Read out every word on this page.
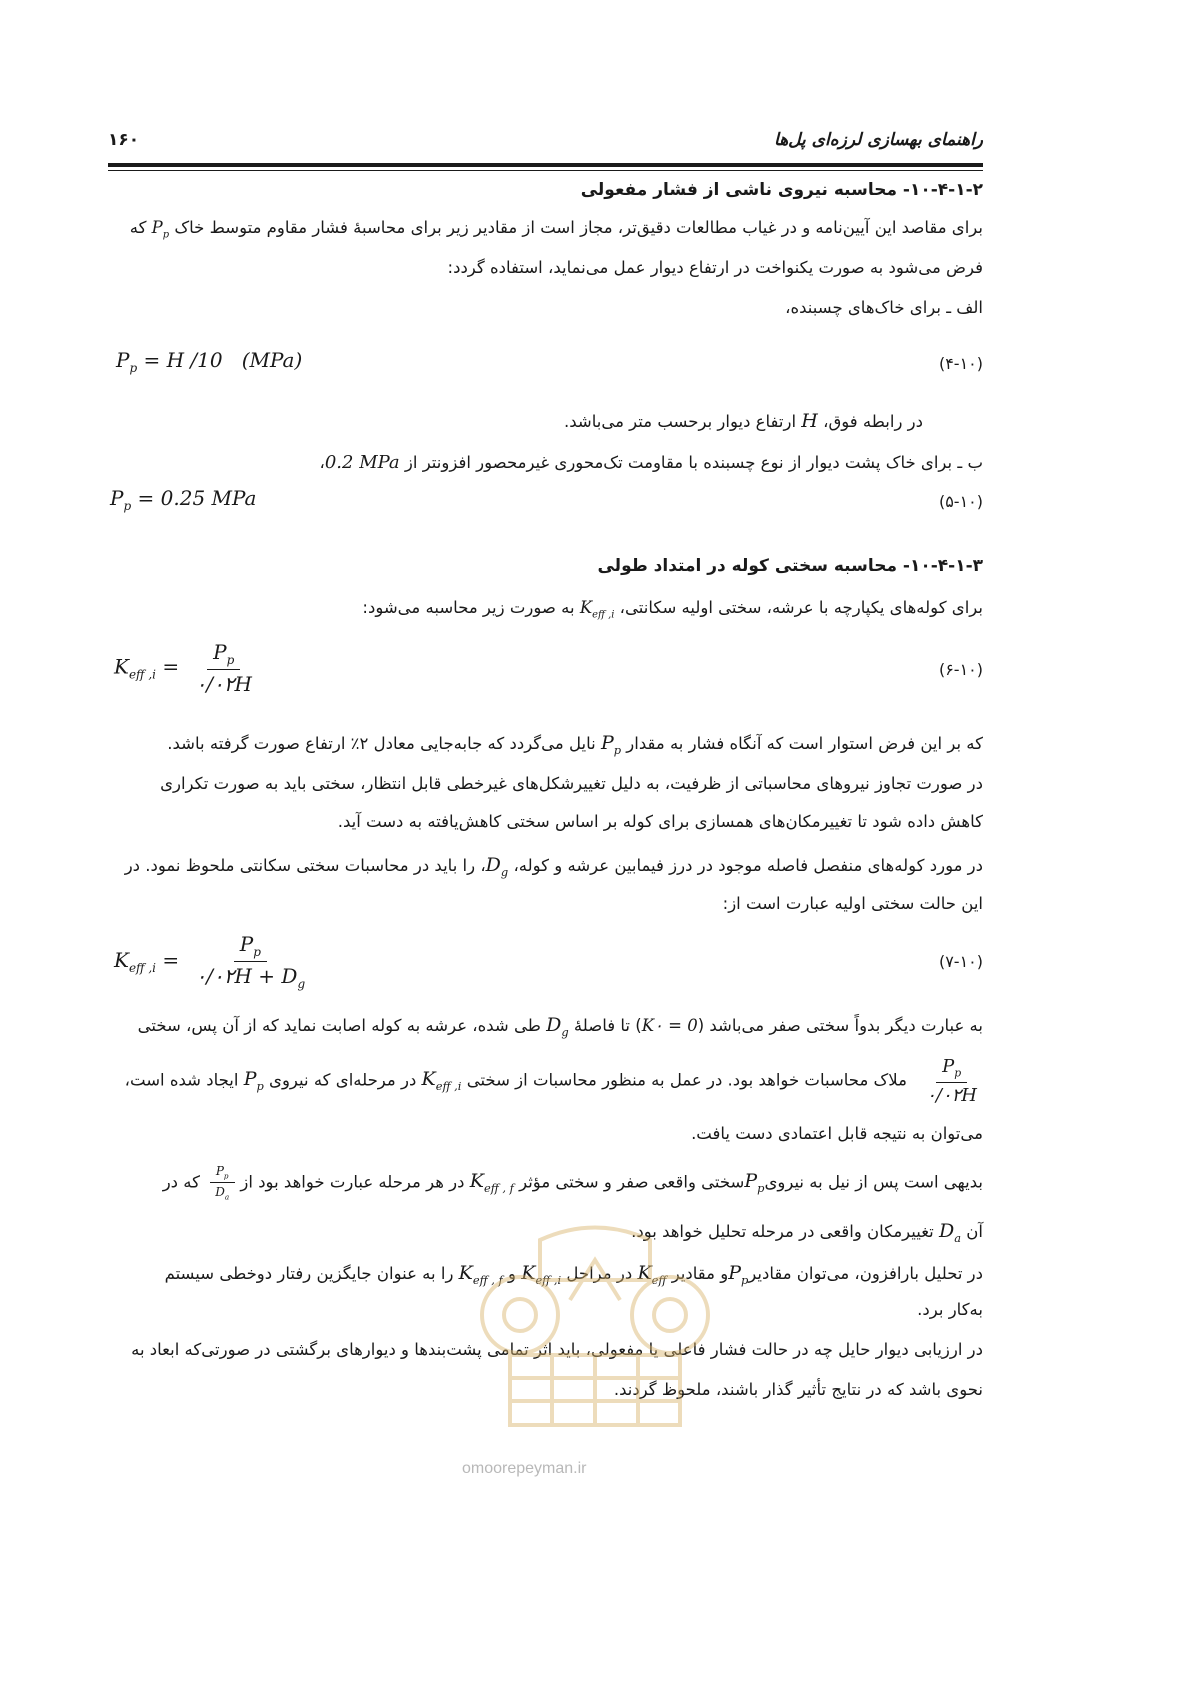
راهنمای بهسازی لرزه‌ای پل‌ها
۱۶۰
۱۰-۴-۱-۲- محاسبه نیروی ناشی از فشار مفعولی
برای مقاصد این آیین‌نامه و در غیاب مطالعات دقیق‌تر، مجاز است از مقادیر زیر برای محاسبهٔ فشار مقاوم متوسط خاک $P_p$ که
فرض می‌شود به صورت یکنواخت در ارتفاع دیوار عمل می‌نماید، استفاده گردد:
الف ـ برای خاک‌های چسبنده،
(۴-۱۰)
$P_p = H$ /10   (MPa)
در رابطه فوق، H ارتفاع دیوار برحسب متر می‌باشد.
ب ـ برای خاک پشت دیوار از نوع چسبنده با مقاومت تک‌محوری غیرمحصور افزونتر از 0.2 MPa،
(۵-۱۰)
$P_p = 0.25$ MPa
۱۰-۴-۱-۳- محاسبه سختی کوله در امتداد طولی
برای کوله‌های یکپارچه با عرشه، سختی اولیه سکانتی، $K_{eff ,i}$ به صورت زیر محاسبه می‌شود:
(۶-۱۰)
$K_{eff ,i} = \frac{P_p}{۰/۰۲H}$
که بر این فرض استوار است که آنگاه فشار به مقدار $P_p$ نایل می‌گردد که جابه‌جایی معادل ۲٪ ارتفاع صورت گرفته باشد.
در صورت تجاوز نیروهای محاسباتی از ظرفیت، به دلیل تغییرشکل‌های غیرخطی قابل انتظار، سختی باید به صورت تکراری
کاهش داده شود تا تغییرمکان‌های همسازی برای کوله بر اساس سختی کاهش‌یافته به دست آید.
در مورد کوله‌های منفصل فاصله موجود در درز فیمابین عرشه و کوله، $D_g،$ را باید در محاسبات سختی سکانتی ملحوظ نمود. در
این حالت سختی اولیه عبارت است از:
(۷-۱۰)
$K_{eff ,i} = \frac{P_p}{۰/۰۲H + D_g}$
به عبارت دیگر بدواً سختی صفر می‌باشد (K۰ = 0) تا فاصلهٔ $D_g$ طی شده، عرشه به کوله اصابت نماید که از آن پس، سختی
$\frac{P_p}{۰/۰۲H}$
ملاک محاسبات خواهد بود. در عمل به منظور محاسبات از سختی $K_{eff ,i}$ در مرحله‌ای که نیروی $P_p$ ایجاد شده است،
می‌توان به نتیجه قابل اعتمادی دست یافت.
بدیهی است پس از نیل به نیرویP$_p$سختی واقعی صفر و سختی مؤثر $K_{eff , f}$ در هر مرحله عبارت خواهد بود از
$\frac{P_p}{D_a}$
که در
آن $D_a$ تغییرمکان واقعی در مرحله تحلیل خواهد بود.
در تحلیل بارافزون، می‌توان مقادیرP$_p$و مقادیر $K_{eff}$ در مراحل $K_{eff ,i}$ و $K_{eff , f}$ را به عنوان جایگزین رفتار دوخطی سیستم
به‌کار برد.
در ارزیابی دیوار حایل چه در حالت فشار فاعلی یا مفعولی، باید اثر تمامی پشت‌بندها و دیوارهای برگشتی در صورتی‌که ابعاد به
نحوی باشد که در نتایج تأثیر گذار باشند، ملحوظ گردند.
omoorepeyman.ir
